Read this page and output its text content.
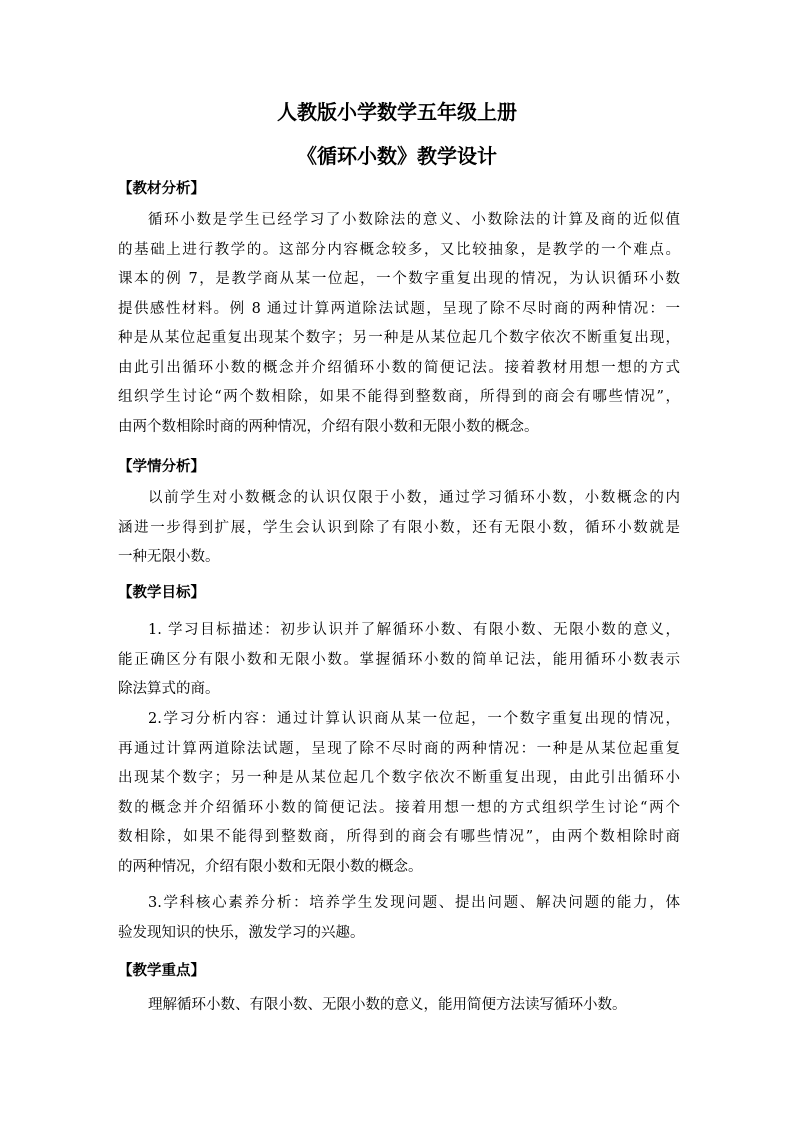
人教版小学数学五年级上册
《循环小数》教学设计
【教材分析】
循环小数是学生已经学习了小数除法的意义、小数除法的计算及商的近似值
的基础上进行教学的。这部分内容概念较多，又比较抽象，是教学的一个难点。
课本的例 7，是教学商从某一位起，一个数字重复出现的情况，为认识循环小数
提供感性材料。例 8 通过计算两道除法试题，呈现了除不尽时商的两种情况：一
种是从某位起重复出现某个数字；另一种是从某位起几个数字依次不断重复出现，
由此引出循环小数的概念并介绍循环小数的简便记法。接着教材用想一想的方式
组织学生讨论“两个数相除，如果不能得到整数商，所得到的商会有哪些情况”，
由两个数相除时商的两种情况，介绍有限小数和无限小数的概念。
【学情分析】
以前学生对小数概念的认识仅限于小数，通过学习循环小数，小数概念的内
涵进一步得到扩展，学生会认识到除了有限小数，还有无限小数，循环小数就是
一种无限小数。
【教学目标】
1. 学习目标描述：初步认识并了解循环小数、有限小数、无限小数的意义，
能正确区分有限小数和无限小数。掌握循环小数的简单记法，能用循环小数表示
除法算式的商。
2.学习分析内容：通过计算认识商从某一位起，一个数字重复出现的情况，
再通过计算两道除法试题，呈现了除不尽时商的两种情况：一种是从某位起重复
出现某个数字；另一种是从某位起几个数字依次不断重复出现，由此引出循环小
数的概念并介绍循环小数的简便记法。接着用想一想的方式组织学生讨论“两个
数相除，如果不能得到整数商，所得到的商会有哪些情况”，由两个数相除时商
的两种情况，介绍有限小数和无限小数的概念。
3.学科核心素养分析：培养学生发现问题、提出问题、解决问题的能力，体
验发现知识的快乐，激发学习的兴趣。
【教学重点】
理解循环小数、有限小数、无限小数的意义，能用简便方法读写循环小数。
